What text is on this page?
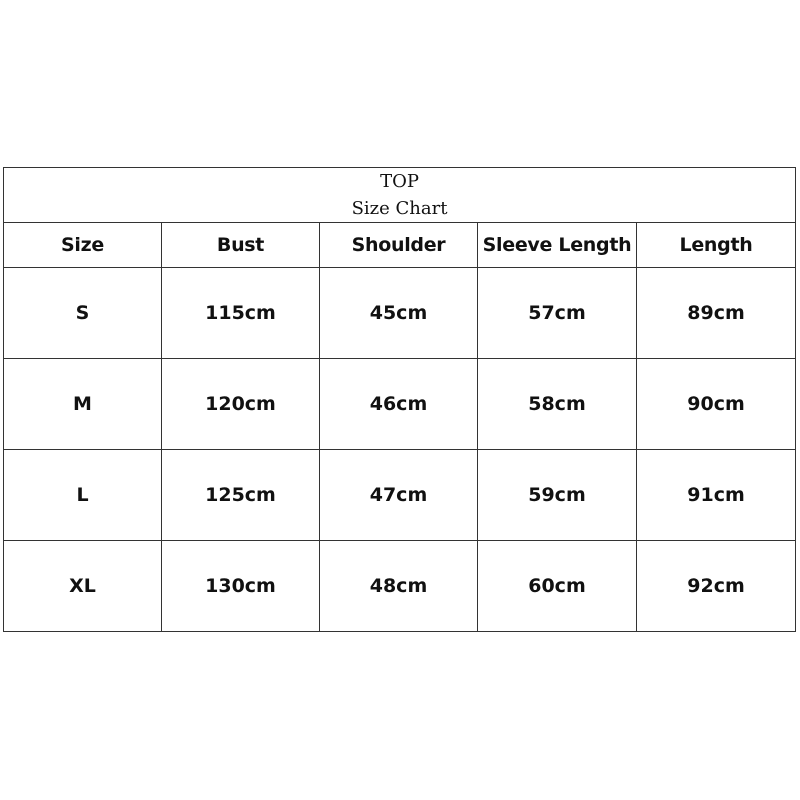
TOP
Size Chart				

Size	Bust	Shoulder	Sleeve Length	Length
S	115cm	45cm	57cm	89cm
M	120cm	46cm	58cm	90cm
L	125cm	47cm	59cm	91cm
XL	130cm	48cm	60cm	92cm
